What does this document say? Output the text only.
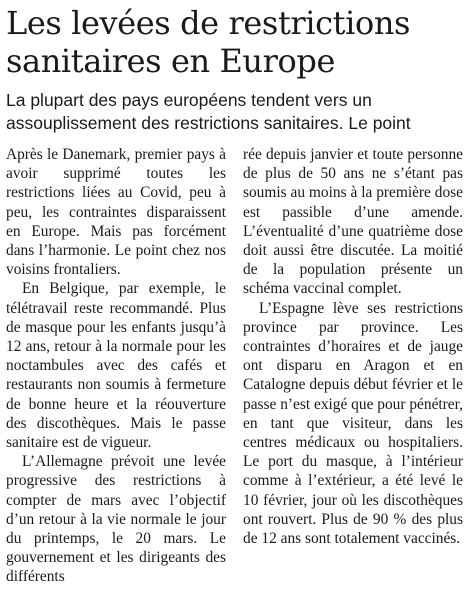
Les levées de restrictions sanitaires en Europe

La plupart des pays européens tendent vers un assouplissement des restrictions sanitaires. Le point

Après le Danemark, premier pays à avoir supprimé toutes les restrictions liées au Covid, peu à peu, les contraintes disparaissent en Europe. Mais pas forcément dans l’harmonie. Le point chez nos voisins frontaliers.

En Belgique, par exemple, le télétravail reste recommandé. Plus de masque pour les enfants jusqu’à 12 ans, retour à la normale pour les noctambules avec des cafés et restaurants non soumis à fermeture de bonne heure et la réouverture des discothèques. Mais le passe sanitaire est de vigueur.

L’Allemagne prévoit une levée progressive des restrictions à compter de mars avec l’objectif d’un retour à la vie normale le jour du printemps, le 20 mars. Le gouvernement et les dirigeants des différents

rée depuis janvier et toute personne de plus de 50 ans ne s’étant pas soumis au moins à la première dose est passible d’une amende. L’éventualité d’une quatrième dose doit aussi être discutée. La moitié de la population présente un schéma vaccinal complet.

L’Espagne lève ses restrictions province par province. Les contraintes d’horaires et de jauge ont disparu en Aragon et en Catalogne depuis début février et le passe n’est exigé que pour pénétrer, en tant que visiteur, dans les centres médicaux ou hospitaliers. Le port du masque, à l’intérieur comme à l’extérieur, a été levé le 10 février, jour où les discothèques ont rouvert. Plus de 90 % des plus de 12 ans sont totalement vaccinés.
